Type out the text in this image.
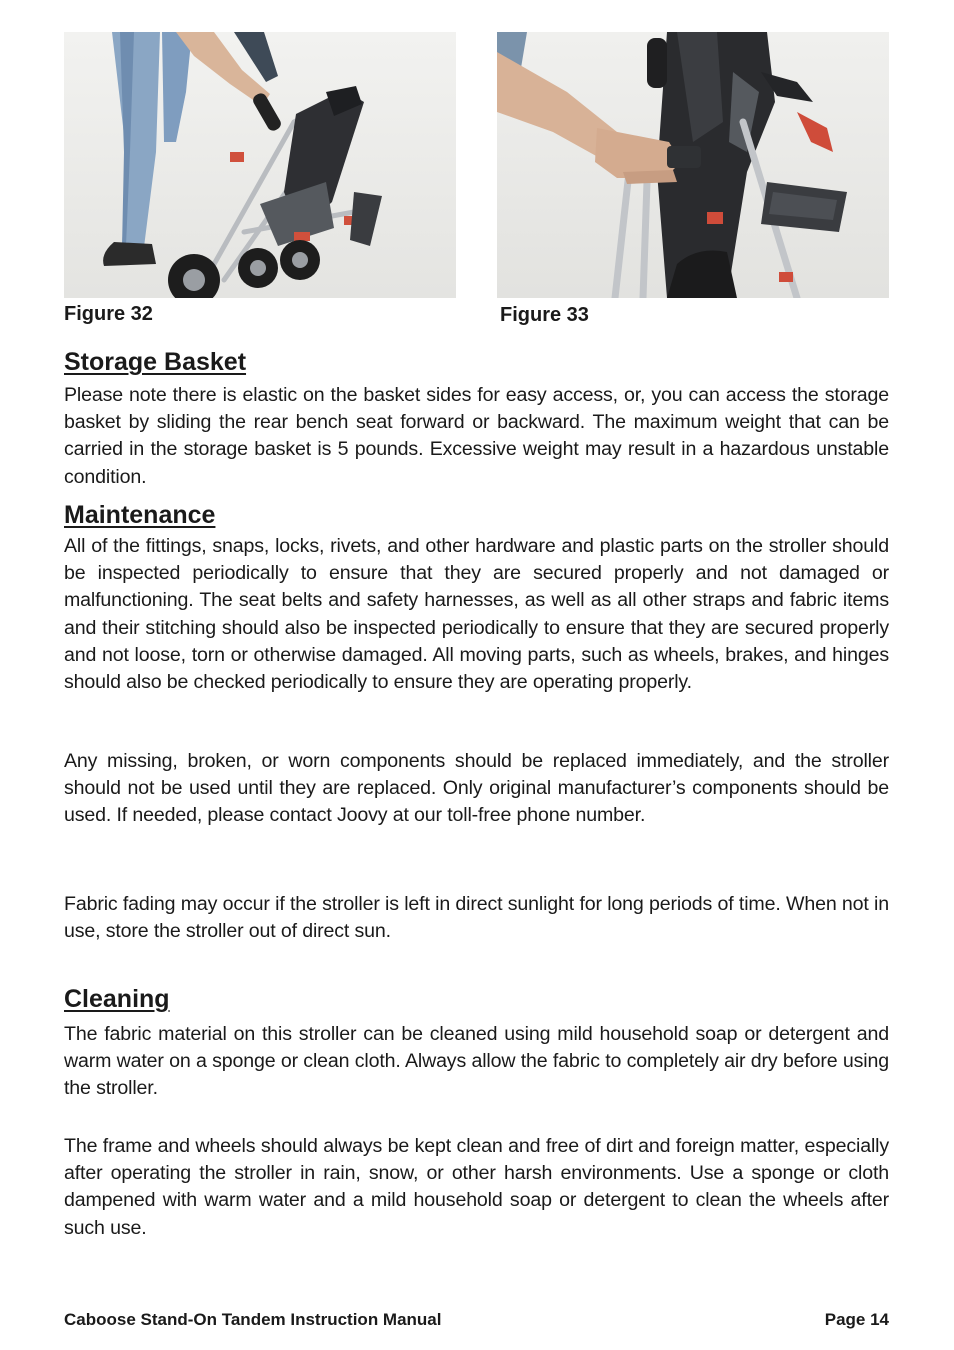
Figure 32	Figure 33
Storage Basket
Please note there is elastic on the basket sides for easy access, or, you can access the storage basket by sliding the rear bench seat forward or backward. The maximum weight that can be carried in the storage basket is 5 pounds. Excessive weight may result in a hazardous unstable condition.
Maintenance
All of the fittings, snaps, locks, rivets, and other hardware and plastic parts on the stroller should be inspected periodically to ensure that they are secured properly and not damaged or malfunctioning. The seat belts and safety harnesses, as well as all other straps and fabric items and their stitching should also be inspected periodically to ensure that they are secured properly and not loose, torn or otherwise damaged. All moving parts, such as wheels, brakes, and hinges should also be checked periodically to ensure they are operating properly.
Any missing, broken, or worn components should be replaced immediately, and the stroller should not be used until they are replaced. Only original manufacturer’s components should be used. If needed, please contact Joovy at our toll-free phone number.
Fabric fading may occur if the stroller is left in direct sunlight for long periods of time. When not in use, store the stroller out of direct sun.
Cleaning
The fabric material on this stroller can be cleaned using mild household soap or detergent and warm water on a sponge or clean cloth. Always allow the fabric to completely air dry before using the stroller.
The frame and wheels should always be kept clean and free of dirt and foreign matter, especially after operating the stroller in rain, snow, or other harsh environments. Use a sponge or cloth dampened with warm water and a mild household soap or detergent to clean the wheels after such use.
Caboose Stand-On Tandem Instruction Manual	Page 14
